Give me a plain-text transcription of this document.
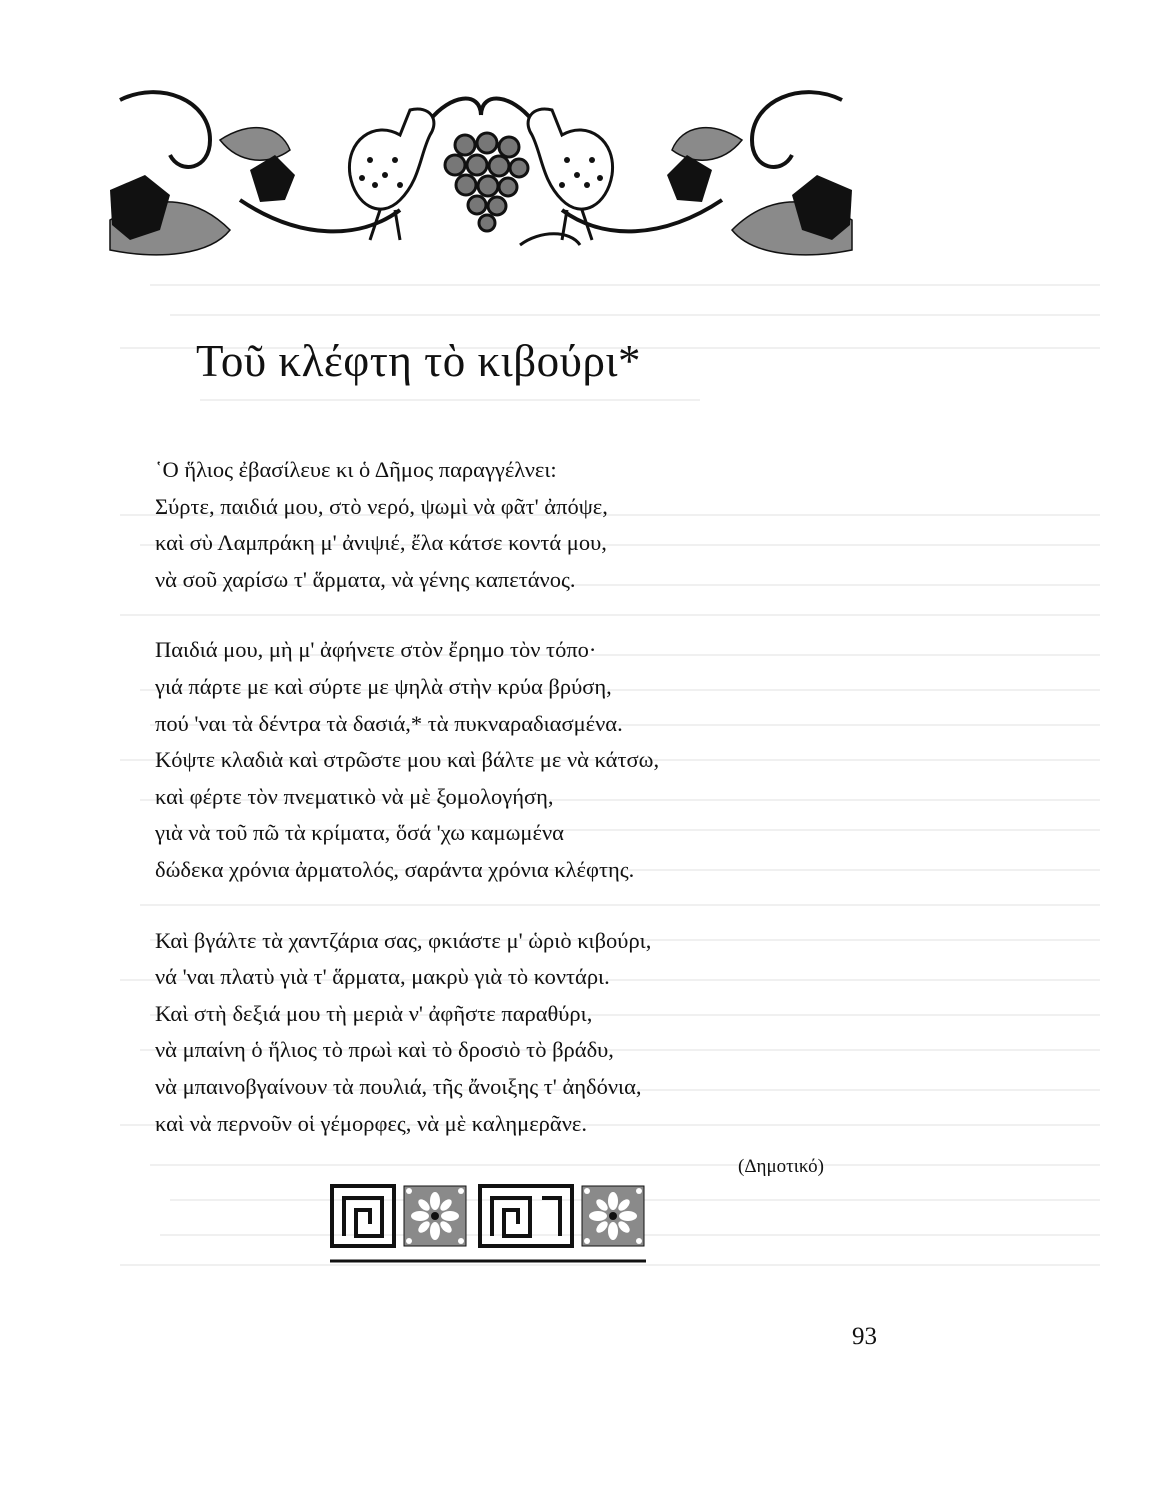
Τοῦ κλέφτη τὸ κιβούρι*
῾Ο ἥλιος ἐβασίλευε κι ὁ Δῆμος παραγγέλνει:
Σύρτε, παιδιά μου, στὸ νερό, ψωμὶ νὰ φᾶτ' ἀπόψε,
καὶ σὺ Λαμπράκη μ' ἀνιψιέ, ἔλα κάτσε κοντά μου,
νὰ σοῦ χαρίσω τ' ἅρματα, νὰ γένης καπετάνος.
Παιδιά μου, μὴ μ' ἀφήνετε στὸν ἔρημο τὸν τόπο·
γιά πάρτε με καὶ σύρτε με ψηλὰ στὴν κρύα βρύση,
πού 'ναι τὰ δέντρα τὰ δασιά,* τὰ πυκναραδιασμένα.
Κόψτε κλαδιὰ καὶ στρῶστε μου καὶ βάλτε με νὰ κάτσω,
καὶ φέρτε τὸν πνεματικὸ νὰ μὲ ξομολογήση,
γιὰ νὰ τοῦ πῶ τὰ κρίματα, ὅσά 'χω καμωμένα
δώδεκα χρόνια ἀρματολός, σαράντα χρόνια κλέφτης.
Καὶ βγάλτε τὰ χαντζάρια σας, φκιάστε μ' ὡριὸ κιβούρι,
νά 'ναι πλατὺ γιὰ τ' ἅρματα, μακρὺ γιὰ τὸ κοντάρι.
Καὶ στὴ δεξιά μου τὴ μεριὰ ν' ἀφῆστε παραθύρι,
νὰ μπαίνη ὁ ἥλιος τὸ πρωὶ καὶ τὸ δροσιὸ τὸ βράδυ,
νὰ μπαινοβγαίνουν τὰ πουλιά, τῆς ἄνοιξης τ' ἀηδόνια,
καὶ νὰ περνοῦν οἱ γέμορφες, νὰ μὲ καλημερᾶνε.
(Δημοτικό)
93
